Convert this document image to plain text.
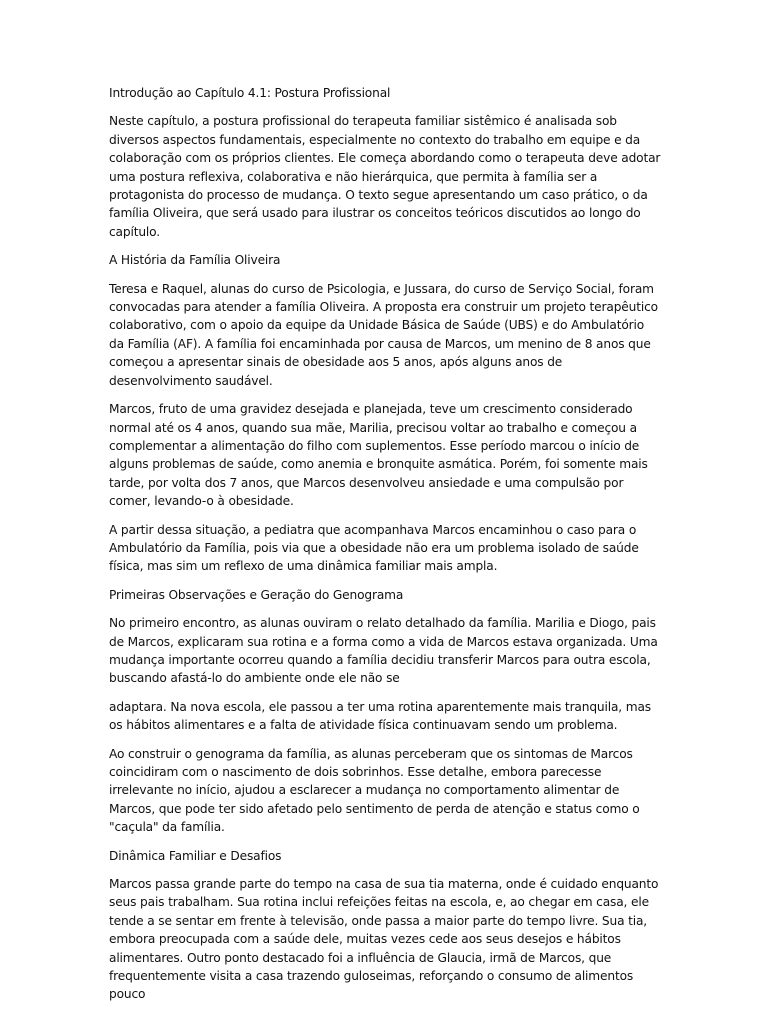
Introdução ao Capítulo 4.1: Postura Profissional

Neste capítulo, a postura profissional do terapeuta familiar sistêmico é analisada sob diversos aspectos fundamentais, especialmente no contexto do trabalho em equipe e da colaboração com os próprios clientes. Ele começa abordando como o terapeuta deve adotar uma postura reflexiva, colaborativa e não hierárquica, que permita à família ser a protagonista do processo de mudança. O texto segue apresentando um caso prático, o da família Oliveira, que será usado para ilustrar os conceitos teóricos discutidos ao longo do capítulo.

A História da Família Oliveira

Teresa e Raquel, alunas do curso de Psicologia, e Jussara, do curso de Serviço Social, foram convocadas para atender a família Oliveira. A proposta era construir um projeto terapêutico colaborativo, com o apoio da equipe da Unidade Básica de Saúde (UBS) e do Ambulatório da Família (AF). A família foi encaminhada por causa de Marcos, um menino de 8 anos que começou a apresentar sinais de obesidade aos 5 anos, após alguns anos de desenvolvimento saudável.

Marcos, fruto de uma gravidez desejada e planejada, teve um crescimento considerado normal até os 4 anos, quando sua mãe, Marilia, precisou voltar ao trabalho e começou a complementar a alimentação do filho com suplementos. Esse período marcou o início de alguns problemas de saúde, como anemia e bronquite asmática. Porém, foi somente mais tarde, por volta dos 7 anos, que Marcos desenvolveu ansiedade e uma compulsão por comer, levando-o à obesidade.

A partir dessa situação, a pediatra que acompanhava Marcos encaminhou o caso para o Ambulatório da Família, pois via que a obesidade não era um problema isolado de saúde física, mas sim um reflexo de uma dinâmica familiar mais ampla.

Primeiras Observações e Geração do Genograma

No primeiro encontro, as alunas ouviram o relato detalhado da família. Marilia e Diogo, pais de Marcos, explicaram sua rotina e a forma como a vida de Marcos estava organizada. Uma mudança importante ocorreu quando a família decidiu transferir Marcos para outra escola, buscando afastá-lo do ambiente onde ele não se

adaptara. Na nova escola, ele passou a ter uma rotina aparentemente mais tranquila, mas os hábitos alimentares e a falta de atividade física continuavam sendo um problema.

Ao construir o genograma da família, as alunas perceberam que os sintomas de Marcos coincidiram com o nascimento de dois sobrinhos. Esse detalhe, embora parecesse irrelevante no início, ajudou a esclarecer a mudança no comportamento alimentar de Marcos, que pode ter sido afetado pelo sentimento de perda de atenção e status como o "caçula" da família.

Dinâmica Familiar e Desafios

Marcos passa grande parte do tempo na casa de sua tia materna, onde é cuidado enquanto seus pais trabalham. Sua rotina inclui refeições feitas na escola, e, ao chegar em casa, ele tende a se sentar em frente à televisão, onde passa a maior parte do tempo livre. Sua tia, embora preocupada com a saúde dele, muitas vezes cede aos seus desejos e hábitos alimentares. Outro ponto destacado foi a influência de Glaucia, irmã de Marcos, que frequentemente visita a casa trazendo guloseimas, reforçando o consumo de alimentos pouco
